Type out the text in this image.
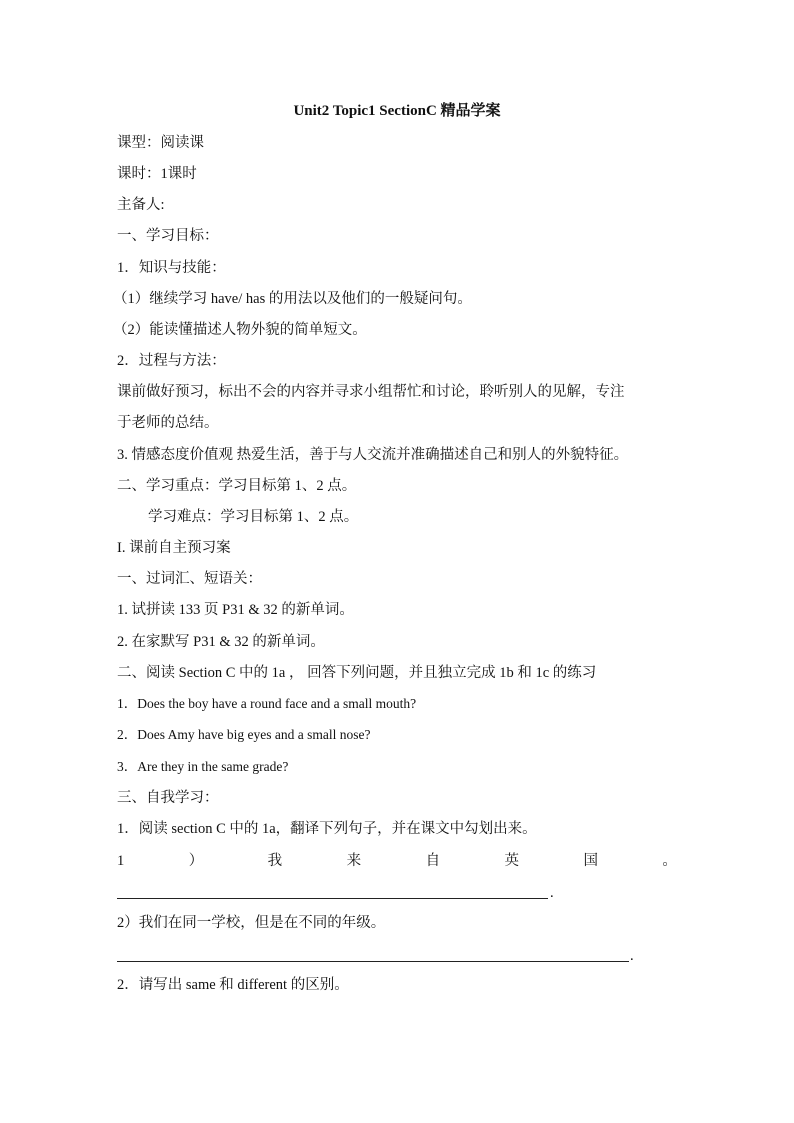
Unit2 Topic1 SectionC 精品学案
课型：阅读课
课时：1课时
主备人:
一、学习目标：
1．知识与技能：
（1）继续学习 have/ has 的用法以及他们的一般疑问句。
（2）能读懂描述人物外貌的简单短文。
2．过程与方法：
课前做好预习，标出不会的内容并寻求小组帮忙和讨论，聆听别人的见解，专注
于老师的总结。
3. 情感态度价值观 热爱生活，善于与人交流并准确描述自己和别人的外貌特征。
二、学习重点：学习目标第 1、2 点。
学习难点：学习目标第 1、2 点。
I. 课前自主预习案
一、过词汇、短语关：
1. 试拼读 133 页 P31 & 32 的新单词。
2. 在家默写 P31 & 32 的新单词。
二、阅读 Section C 中的 1a ， 回答下列问题，并且独立完成 1b 和 1c 的练习
1．Does the boy have a round face and a small mouth?
2．Does Amy have big eyes and a small nose?
3．Are they in the same grade?
三、自我学习：
1．阅读 section C 中的 1a，翻译下列句子，并在课文中勾划出来。
1	）	我	来	自	英	国	。
.
2）我们在同一学校，但是在不同的年级。
.
2．请写出 same 和 different 的区别。
